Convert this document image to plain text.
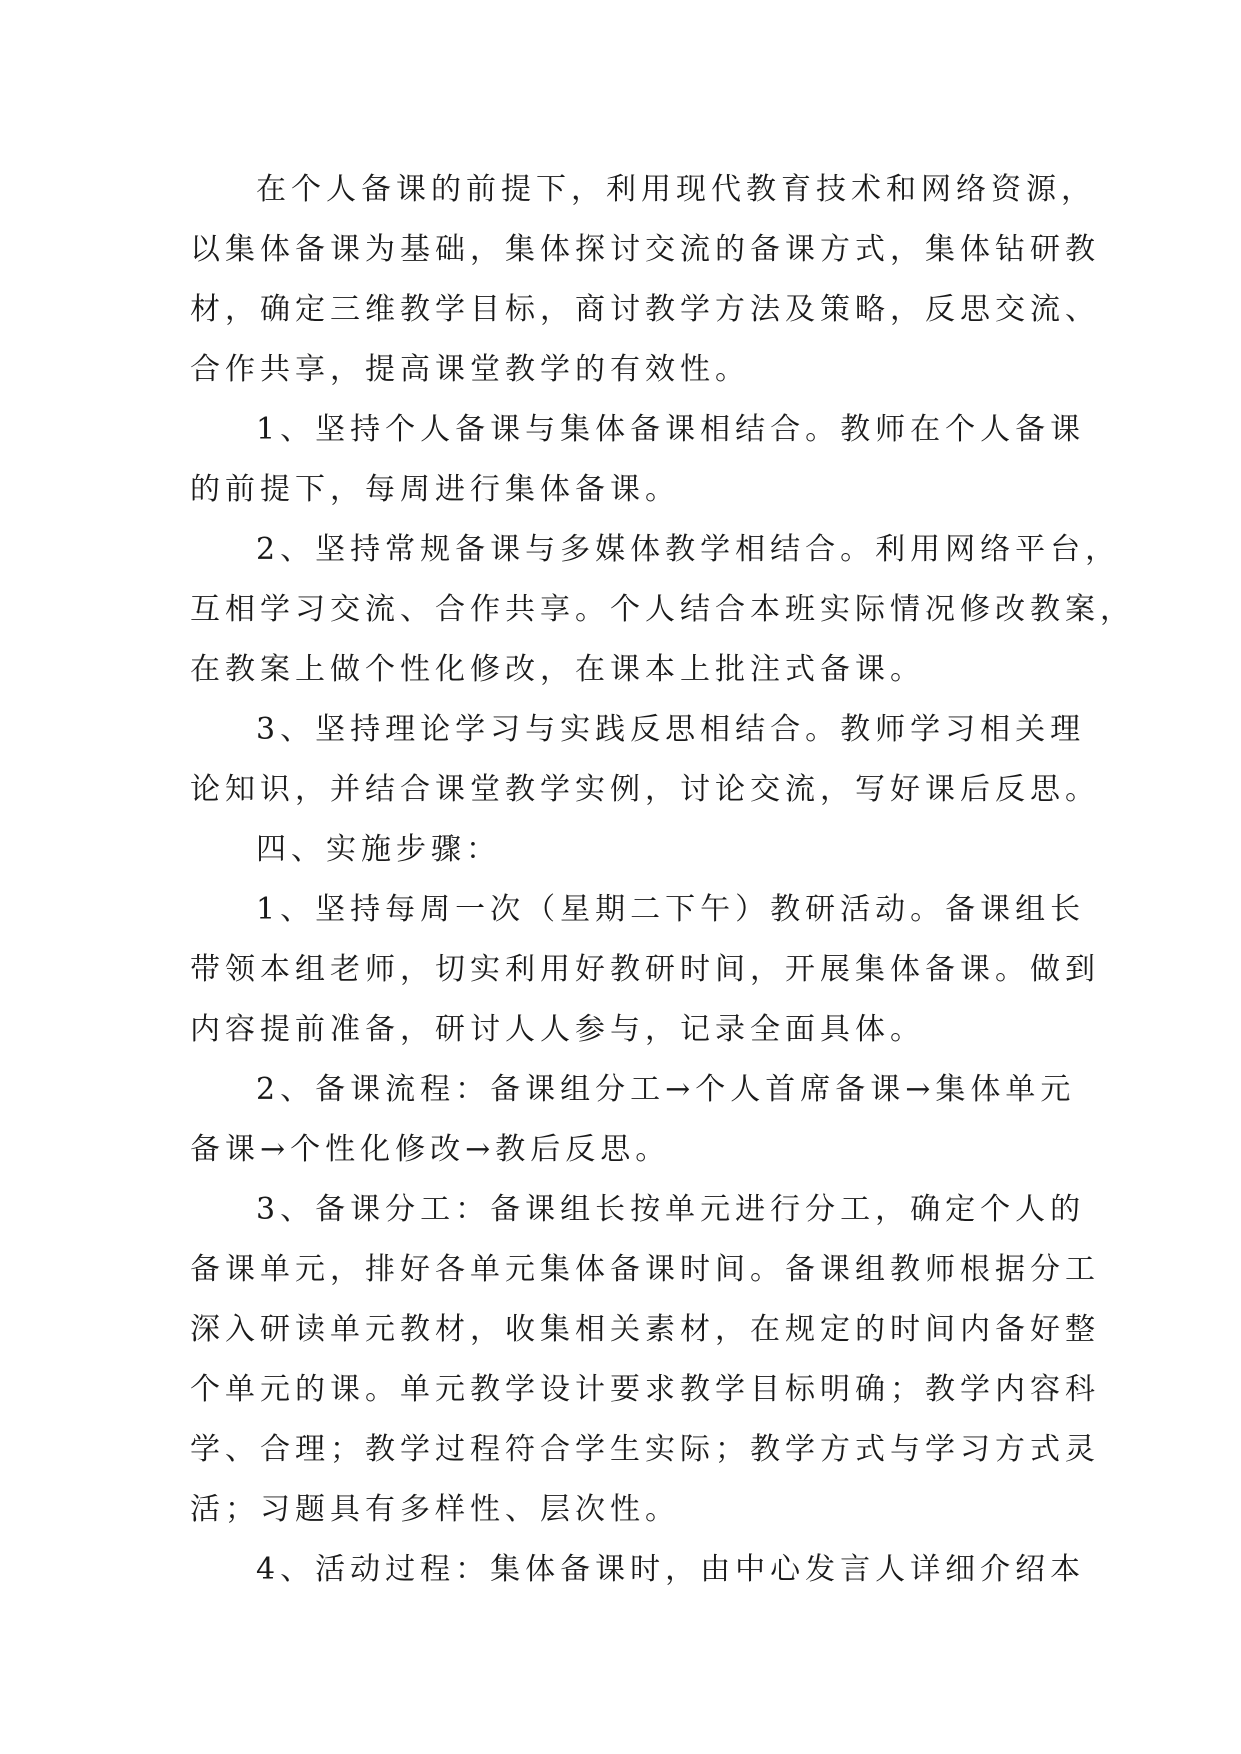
在个人备课的前提下，利用现代教育技术和网络资源，
以集体备课为基础，集体探讨交流的备课方式，集体钻研教
材，确定三维教学目标，商讨教学方法及策略，反思交流、
合作共享，提高课堂教学的有效性。
1、坚持个人备课与集体备课相结合。教师在个人备课
的前提下，每周进行集体备课。
2、坚持常规备课与多媒体教学相结合。利用网络平台，
互相学习交流、合作共享。个人结合本班实际情况修改教案，
在教案上做个性化修改，在课本上批注式备课。
3、坚持理论学习与实践反思相结合。教师学习相关理
论知识，并结合课堂教学实例，讨论交流，写好课后反思。
四、实施步骤：
1、坚持每周一次（星期二下午）教研活动。备课组长
带领本组老师，切实利用好教研时间，开展集体备课。做到
内容提前准备，研讨人人参与，记录全面具体。
2、备课流程：备课组分工→个人首席备课→集体单元
备课→个性化修改→教后反思。
3、备课分工：备课组长按单元进行分工，确定个人的
备课单元，排好各单元集体备课时间。备课组教师根据分工
深入研读单元教材，收集相关素材，在规定的时间内备好整
个单元的课。单元教学设计要求教学目标明确；教学内容科
学、合理；教学过程符合学生实际；教学方式与学习方式灵
活；习题具有多样性、层次性。
4、活动过程：集体备课时，由中心发言人详细介绍本
